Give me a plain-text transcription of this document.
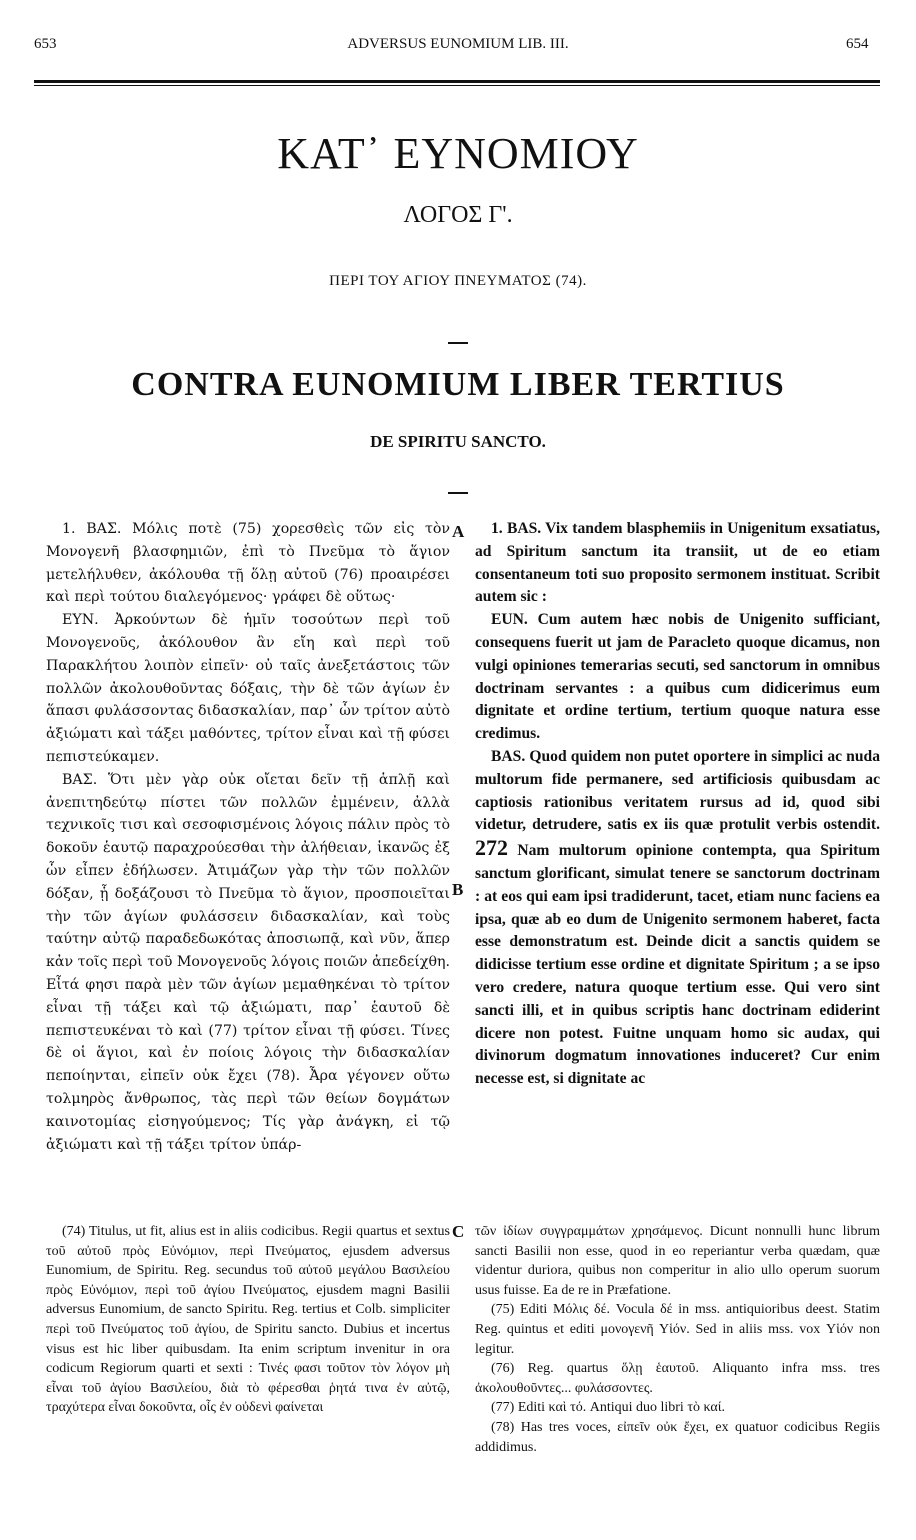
653	ADVERSUS EUNOMIUM LIB. III.	654
ΚΑΤ᾽ ΕΥΝΟΜΙΟΥ
ΛΟΓΟΣ Γ'.
ΠΕΡΙ ΤΟΥ ΑΓΙΟΥ ΠΝΕΥΜΑΤΟΣ (74).
CONTRA EUNOMIUM LIBER TERTIUS
DE SPIRITU SANCTO.
A
B
C

1. ΒΑΣ. Μόλις ποτὲ (75) χορεσθεὶς τῶν εἰς τὸν Μονογενῆ βλασφημιῶν, ἐπὶ τὸ Πνεῦμα τὸ ἅγιον μετελήλυθεν, ἀκόλουθα τῇ ὅλῃ αὐτοῦ (76) προαιρέσει καὶ περὶ τούτου διαλεγόμενος· γράφει δὲ οὕτως·

ΕΥΝ. Ἀρκούντων δὲ ἡμῖν τοσούτων περὶ τοῦ Μονογενοῦς, ἀκόλουθον ἂν εἴη καὶ περὶ τοῦ Παρακλήτου λοιπὸν εἰπεῖν· οὐ ταῖς ἀνεξετάστοις τῶν πολλῶν ἀκολουθοῦντας δόξαις, τὴν δὲ τῶν ἁγίων ἐν ἅπασι φυλάσσοντας διδασκαλίαν, παρ᾽ ὧν τρίτον αὐτὸ ἀξιώματι καὶ τάξει μαθόντες, τρίτον εἶναι καὶ τῇ φύσει πεπιστεύκαμεν.

ΒΑΣ. Ὅτι μὲν γὰρ οὐκ οἴεται δεῖν τῇ ἁπλῇ καὶ ἀνεπιτηδεύτῳ πίστει τῶν πολλῶν ἐμμένειν, ἀλλὰ τεχνικοῖς τισι καὶ σεσοφισμένοις λόγοις πάλιν πρὸς τὸ δοκοῦν ἑαυτῷ παραχρούεσθαι τὴν ἀλήθειαν, ἱκανῶς ἐξ ὧν εἶπεν ἐδήλωσεν. Ἀτιμάζων γὰρ τὴν τῶν πολλῶν δόξαν, ᾗ δοξάζουσι τὸ Πνεῦμα τὸ ἅγιον, προσποιεῖται τὴν τῶν ἁγίων φυλάσσειν διδασκαλίαν, καὶ τοὺς ταύτην αὐτῷ παραδεδωκότας ἀποσιωπᾷ, καὶ νῦν, ἅπερ κἀν τοῖς περὶ τοῦ Μονογενοῦς λόγοις ποιῶν ἀπεδείχθη. Εἶτά φησι παρὰ μὲν τῶν ἁγίων μεμαθηκέναι τὸ τρίτον εἶναι τῇ τάξει καὶ τῷ ἀξιώματι, παρ᾽ ἑαυτοῦ δὲ πεπιστευκέναι τὸ καὶ (77) τρίτον εἶναι τῇ φύσει. Τίνες δὲ οἱ ἅγιοι, καὶ ἐν ποίοις λόγοις τὴν διδασκαλίαν πεποίηνται, εἰπεῖν οὐκ ἔχει (78). Ἆρα γέγονεν οὕτω τολμηρὸς ἄνθρωπος, τὰς περὶ τῶν θείων δογμάτων καινοτομίας εἰσηγούμενος; Τίς γὰρ ἀνάγκη, εἰ τῷ ἀξιώματι καὶ τῇ τάξει τρίτον ὑπάρ-

1. BAS. Vix tandem blasphemiis in Unigenitum exsatiatus, ad Spiritum sanctum ita transiit, ut de eo etiam consentaneum toti suo proposito sermonem instituat. Scribit autem sic :

EUN. Cum autem hæc nobis de Unigenito sufficiant, consequens fuerit ut jam de Paracleto quoque dicamus, non vulgi opiniones temerarias secuti, sed sanctorum in omnibus doctrinam servantes : a quibus cum didicerimus eum dignitate et ordine tertium, tertium quoque natura esse credimus.

BAS. Quod quidem non putet oportere in simplici ac nuda multorum fide permanere, sed artificiosis quibusdam ac captiosis rationibus veritatem rursus ad id, quod sibi videtur, detrudere, satis ex iis quæ protulit verbis ostendit. 272 Nam multorum opinione contempta, qua Spiritum sanctum glorificant, simulat tenere se sanctorum doctrinam : at eos qui eam ipsi tradiderunt, tacet, etiam nunc faciens ea ipsa, quæ ab eo dum de Unigenito sermonem haberet, facta esse demonstratum est. Deinde dicit a sanctis quidem se didicisse tertium esse ordine et dignitate Spiritum ; a se ipso vero credere, natura quoque tertium esse. Qui vero sint sancti illi, et in quibus scriptis hanc doctrinam ediderint dicere non potest. Fuitne unquam homo sic audax, qui divinorum dogmatum innovationes induceret? Cur enim necesse est, si dignitate ac

(74) Titulus, ut fit, alius est in aliis codicibus. Regii quartus et sextus τοῦ αὐτοῦ πρὸς Εὐνόμιον, περὶ Πνεύματος, ejusdem adversus Eunomium, de Spiritu. Reg. secundus τοῦ αὐτοῦ μεγάλου Βασιλείου πρὸς Εὐνόμιον, περὶ τοῦ ἁγίου Πνεύματος, ejusdem magni Basilii adversus Eunomium, de sancto Spiritu. Reg. tertius et Colb. simpliciter περὶ τοῦ Πνεύματος τοῦ ἁγίου, de Spiritu sancto. Dubius et incertus visus est hic liber quibusdam. Ita enim scriptum invenitur in ora codicum Regiorum quarti et sexti : Τινές φασι τοῦτον τὸν λόγον μὴ εἶναι τοῦ ἁγίου Βασιλείου, διὰ τὸ φέρεσθαι ῥητά τινα ἐν αὐτῷ, τραχύτερα εἶναι δοκοῦντα, οἷς ἐν οὐδενὶ φαίνεται

τῶν ἰδίων συγγραμμάτων χρησάμενος. Dicunt nonnulli hunc librum sancti Basilii non esse, quod in eo reperiantur verba quædam, quæ videntur duriora, quibus non comperitur in alio ullo operum suorum usus fuisse. Ea de re in Præfatione.

(75) Editi Μόλις δέ. Vocula δέ in mss. antiquioribus deest. Statim Reg. quintus et editi μονογενῆ Υἱόν. Sed in aliis mss. vox Υἱόν non legitur.

(76) Reg. quartus ὅλῃ ἑαυτοῦ. Aliquanto infra mss. tres ἀκολουθοῦντες... φυλάσσοντες.

(77) Editi καὶ τό. Antiqui duo libri τὸ καί.

(78) Has tres voces, εἰπεῖν οὐκ ἔχει, ex quatuor codicibus Regiis addidimus.
